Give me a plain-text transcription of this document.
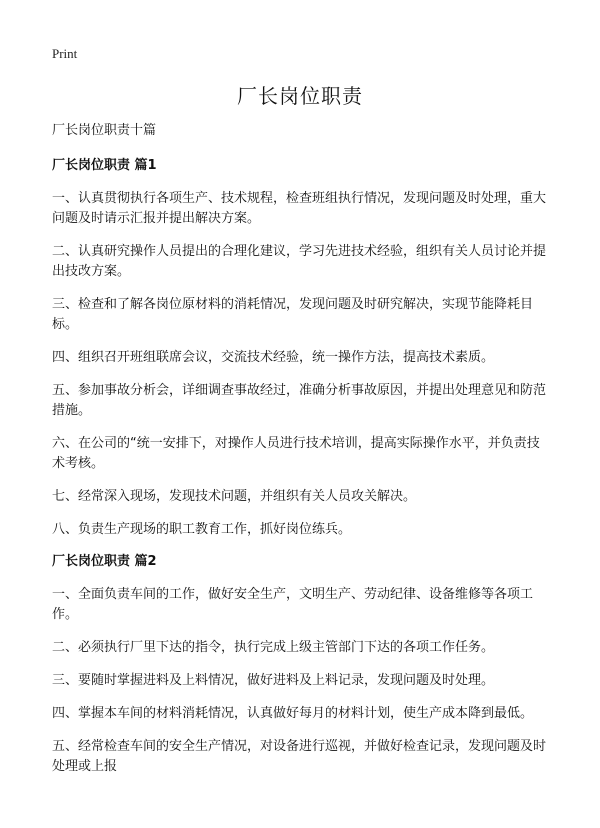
Print
厂长岗位职责

厂长岗位职责十篇

厂长岗位职责 篇1

一、认真贯彻执行各项生产、技术规程，检查班组执行情况，发现问题及时处理，重大问题及时请示汇报并提出解决方案。

二、认真研究操作人员提出的合理化建议，学习先进技术经验，组织有关人员讨论并提出技改方案。

三、检查和了解各岗位原材料的消耗情况，发现问题及时研究解决，实现节能降耗目标。

四、组织召开班组联席会议，交流技术经验，统一操作方法，提高技术素质。

五、参加事故分析会，详细调查事故经过，准确分析事故原因，并提出处理意见和防范措施。

六、在公司的“统一安排下，对操作人员进行技术培训，提高实际操作水平，并负责技术考核。

七、经常深入现场，发现技术问题，并组织有关人员攻关解决。

八、负责生产现场的职工教育工作，抓好岗位练兵。

厂长岗位职责 篇2

一、全面负责车间的工作，做好安全生产，文明生产、劳动纪律、设备维修等各项工作。

二、必须执行厂里下达的指令，执行完成上级主管部门下达的各项工作任务。

三、要随时掌握进料及上料情况，做好进料及上料记录，发现问题及时处理。

四、掌握本车间的材料消耗情况，认真做好每月的材料计划，使生产成本降到最低。

五、经常检查车间的安全生产情况，对设备进行巡视，并做好检查记录，发现问题及时处理或上报
